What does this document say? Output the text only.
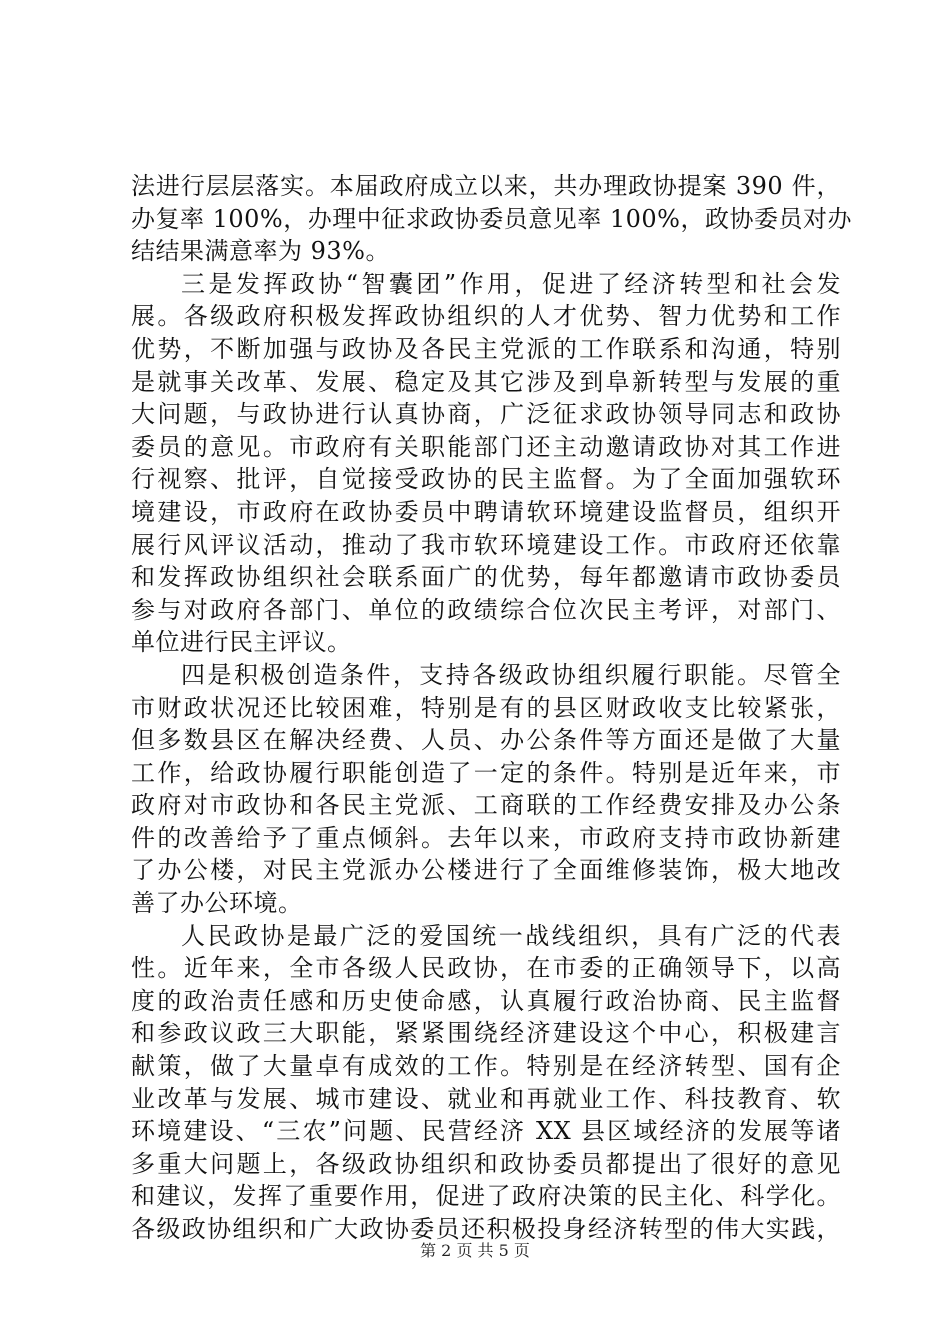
法进行层层落实。本届政府成立以来，共办理政协提案 390 件，
办复率 100%，办理中征求政协委员意见率 100%，政协委员对办
结结果满意率为 93%。
三是发挥政协“智囊团”作用，促进了经济转型和社会发
展。各级政府积极发挥政协组织的人才优势、智力优势和工作
优势，不断加强与政协及各民主党派的工作联系和沟通，特别
是就事关改革、发展、稳定及其它涉及到阜新转型与发展的重
大问题，与政协进行认真协商，广泛征求政协领导同志和政协
委员的意见。市政府有关职能部门还主动邀请政协对其工作进
行视察、批评，自觉接受政协的民主监督。为了全面加强软环
境建设，市政府在政协委员中聘请软环境建设监督员，组织开
展行风评议活动，推动了我市软环境建设工作。市政府还依靠
和发挥政协组织社会联系面广的优势，每年都邀请市政协委员
参与对政府各部门、单位的政绩综合位次民主考评，对部门、
单位进行民主评议。
四是积极创造条件，支持各级政协组织履行职能。尽管全
市财政状况还比较困难，特别是有的县区财政收支比较紧张，
但多数县区在解决经费、人员、办公条件等方面还是做了大量
工作，给政协履行职能创造了一定的条件。特别是近年来，市
政府对市政协和各民主党派、工商联的工作经费安排及办公条
件的改善给予了重点倾斜。去年以来，市政府支持市政协新建
了办公楼，对民主党派办公楼进行了全面维修装饰，极大地改
善了办公环境。
人民政协是最广泛的爱国统一战线组织，具有广泛的代表
性。近年来，全市各级人民政协，在市委的正确领导下，以高
度的政治责任感和历史使命感，认真履行政治协商、民主监督
和参政议政三大职能，紧紧围绕经济建设这个中心，积极建言
献策，做了大量卓有成效的工作。特别是在经济转型、国有企
业改革与发展、城市建设、就业和再就业工作、科技教育、软
环境建设、“三农”问题、民营经济 XX 县区域经济的发展等诸
多重大问题上，各级政协组织和政协委员都提出了很好的意见
和建议，发挥了重要作用，促进了政府决策的民主化、科学化。
各级政协组织和广大政协委员还积极投身经济转型的伟大实践，
第 2 页 共 5 页
